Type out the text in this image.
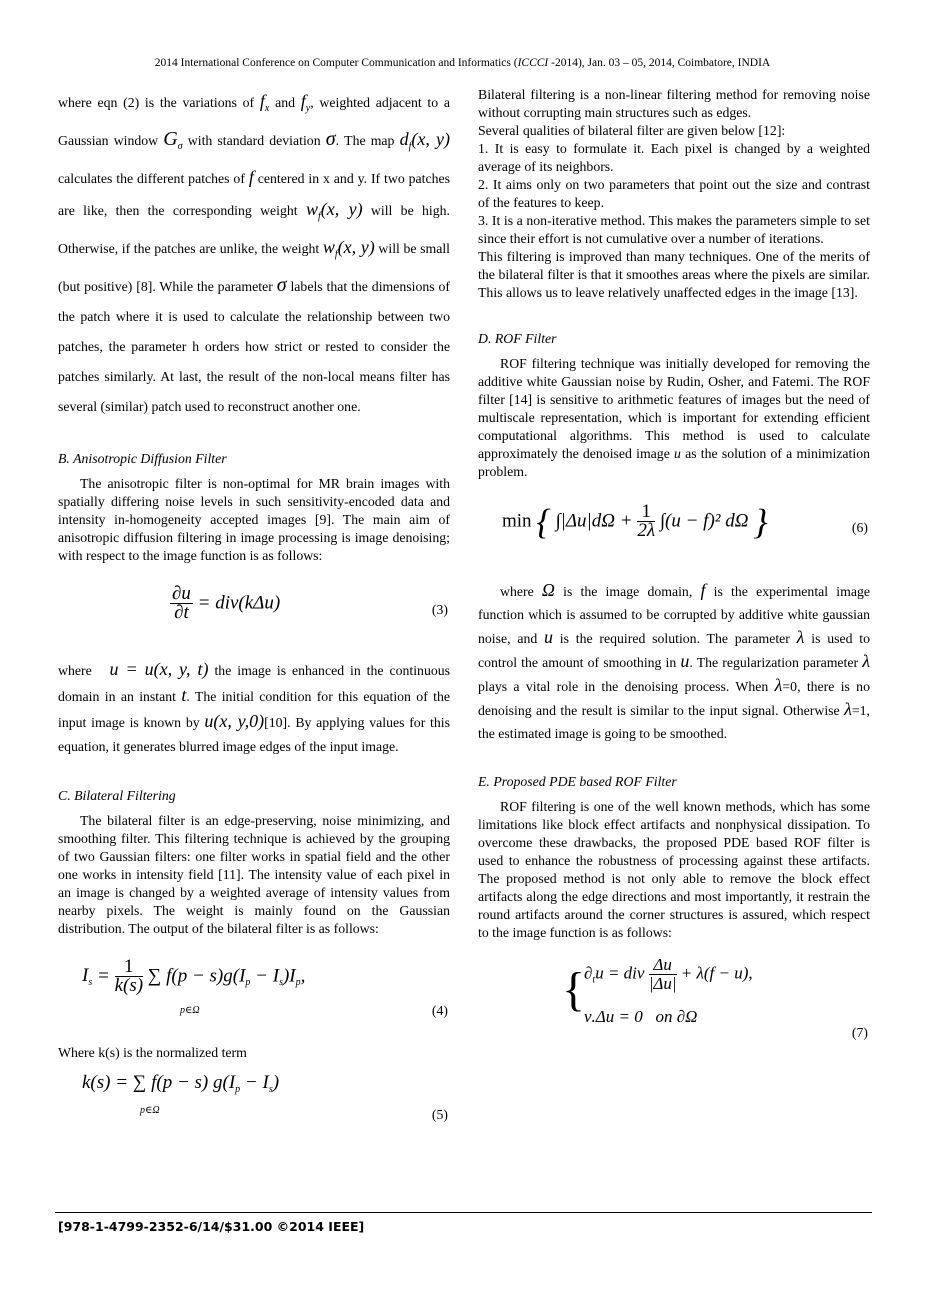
2014 International Conference on Computer Communication and Informatics (ICCCI -2014), Jan. 03 – 05, 2014, Coimbatore, INDIA

where eqn (2) is the variations of $f_x$ and $f_y$, weighted adjacent to a Gaussian window $G_\sigma$ with standard deviation σ. The map $d_f(x$, y) calculates the different patches of f centered in x and y. If two patches are like, then the corresponding weight $w_f(x$, y) will be high. Otherwise, if the patches are unlike, the weight $w_f(x$, y) will be small (but positive) [8]. While the parameter σ labels that the dimensions of the patch where it is used to calculate the relationship between two patches, the parameter h orders how strict or rested to consider the patches similarly. At last, the result of the non-local means filter has several (similar) patch used to reconstruct another one.

B. Anisotropic Diffusion Filter

The anisotropic filter is non-optimal for MR brain images with spatially differing noise levels in such sensitivity-encoded data and intensity in-homogeneity accepted images [9]. The main aim of anisotropic diffusion filtering in image processing is image denoising; with respect to the image function is as follows:

$\frac{\partial u}{\partial t} = div(k\Delta u)$	(3)

where u = u(x, y, t) the image is enhanced in the continuous domain in an instant t. The initial condition for this equation of the input image is known by u(x, y,0)[10]. By applying values for this equation, it generates blurred image edges of the input image.

C. Bilateral Filtering

The bilateral filter is an edge-preserving, noise minimizing, and smoothing filter. This filtering technique is achieved by the grouping of two Gaussian filters: one filter works in spatial field and the other one works in intensity field [11]. The intensity value of each pixel in an image is changed by a weighted average of intensity values from nearby pixels. The weight is mainly found on the Gaussian distribution. The output of the bilateral filter is as follows:

$I_s = \frac{1}{k(s)}$ ∑ $f(p - s)g(I_p - I_s)I_p$,
p∈Ω	(4)

Where k(s) is the normalized term

k(s) = ∑ f(p − s) $g(I_p - I_s)$
p∈Ω	(5)

Bilateral filtering is a non-linear filtering method for removing noise without corrupting main structures such as edges.

Several qualities of bilateral filter are given below [12]:

1. It is easy to formulate it. Each pixel is changed by a weighted average of its neighbors.

2. It aims only on two parameters that point out the size and contrast of the features to keep.

3. It is a non-iterative method. This makes the parameters simple to set since their effort is not cumulative over a number of iterations.

This filtering is improved than many techniques. One of the merits of the bilateral filter is that it smoothes areas where the pixels are similar. This allows us to leave relatively unaffected edges in the image [13].

D. ROF Filter

ROF filtering technique was initially developed for removing the additive white Gaussian noise by Rudin, Osher, and Fatemi. The ROF filter [14] is sensitive to arithmetic features of images but the need of multiscale representation, which is important for extending efficient computational algorithms. This method is used to calculate approximately the denoised image u as the solution of a minimization problem.

min { $\int|\Delta u|d\Omega + \frac{1}{2\lambda} \int(u - f)^2$ dΩ }	(6)

where Ω is the image domain, f is the experimental image function which is assumed to be corrupted by additive white gaussian noise, and u is the required solution. The parameter λ is used to control the amount of smoothing in u. The regularization parameter λ plays a vital role in the denoising process. When λ=0, there is no denoising and the result is similar to the input signal. Otherwise λ=1, the estimated image is going to be smoothed.

E. Proposed PDE based ROF Filter

ROF filtering is one of the well known methods, which has some limitations like block effect artifacts and nonphysical dissipation. To overcome these drawbacks, the proposed PDE based ROF filter is used to enhance the robustness of processing against these artifacts. The proposed method is not only able to remove the block effect artifacts along the edge directions and most importantly, it restrain the round artifacts around the corner structures is assured, which respect to the image function is as follows:

{
$\partial_tu$ = div $\frac{\Delta u}{|\Delta u|} + \lambda(f - u)$,
ν.Δu = 0   on ∂Ω
(7)
[978-1-4799-2352-6/14/$31.00 ©2014 IEEE]
